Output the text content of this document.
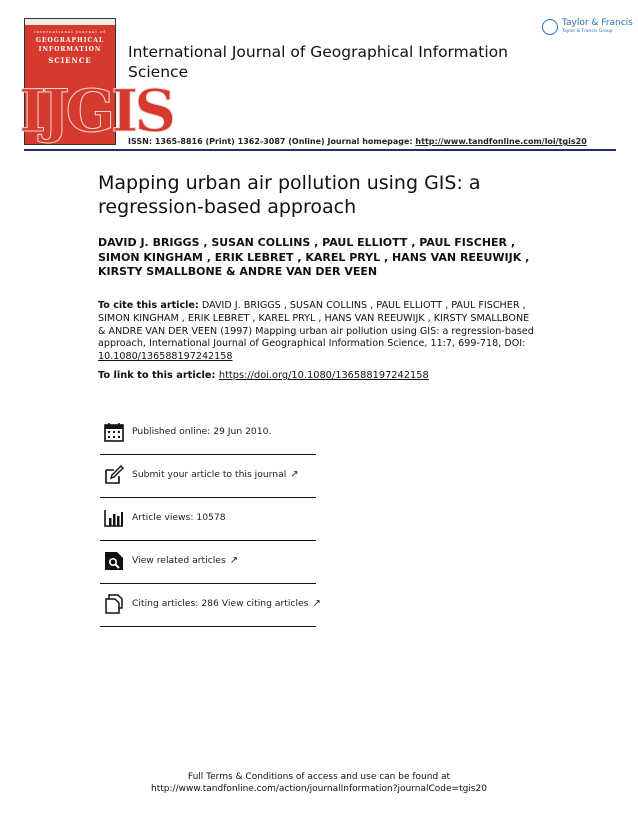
International Journal of
GEOGRAPHICAL
INFORMATION
SCIENCE
IJGIS
International Journal of Geographical Information Science
Taylor & Francis
Taylor & Francis Group
ISSN: 1365-8816 (Print) 1362-3087 (Online) Journal homepage: http://www.tandfonline.com/loi/tgis20
Mapping urban air pollution using GIS: a regression-based approach
DAVID J. BRIGGS , SUSAN COLLINS , PAUL ELLIOTT , PAUL FISCHER , SIMON KINGHAM , ERIK LEBRET , KAREL PRYL , HANS VAN REEUWIJK , KIRSTY SMALLBONE & ANDRE VAN DER VEEN
To cite this article: DAVID J. BRIGGS , SUSAN COLLINS , PAUL ELLIOTT , PAUL FISCHER , SIMON KINGHAM , ERIK LEBRET , KAREL PRYL , HANS VAN REEUWIJK , KIRSTY SMALLBONE & ANDRE VAN DER VEEN (1997) Mapping urban air pollution using GIS: a regression-based approach, International Journal of Geographical Information Science, 11:7, 699-718, DOI: 10.1080/136588197242158
To link to this article: https://doi.org/10.1080/136588197242158
Published online: 29 Jun 2010.
Submit your article to this journal ↗
Article views: 10578
View related articles ↗
Citing articles: 286 View citing articles ↗
Full Terms & Conditions of access and use can be found at
http://www.tandfonline.com/action/journalInformation?journalCode=tgis20
